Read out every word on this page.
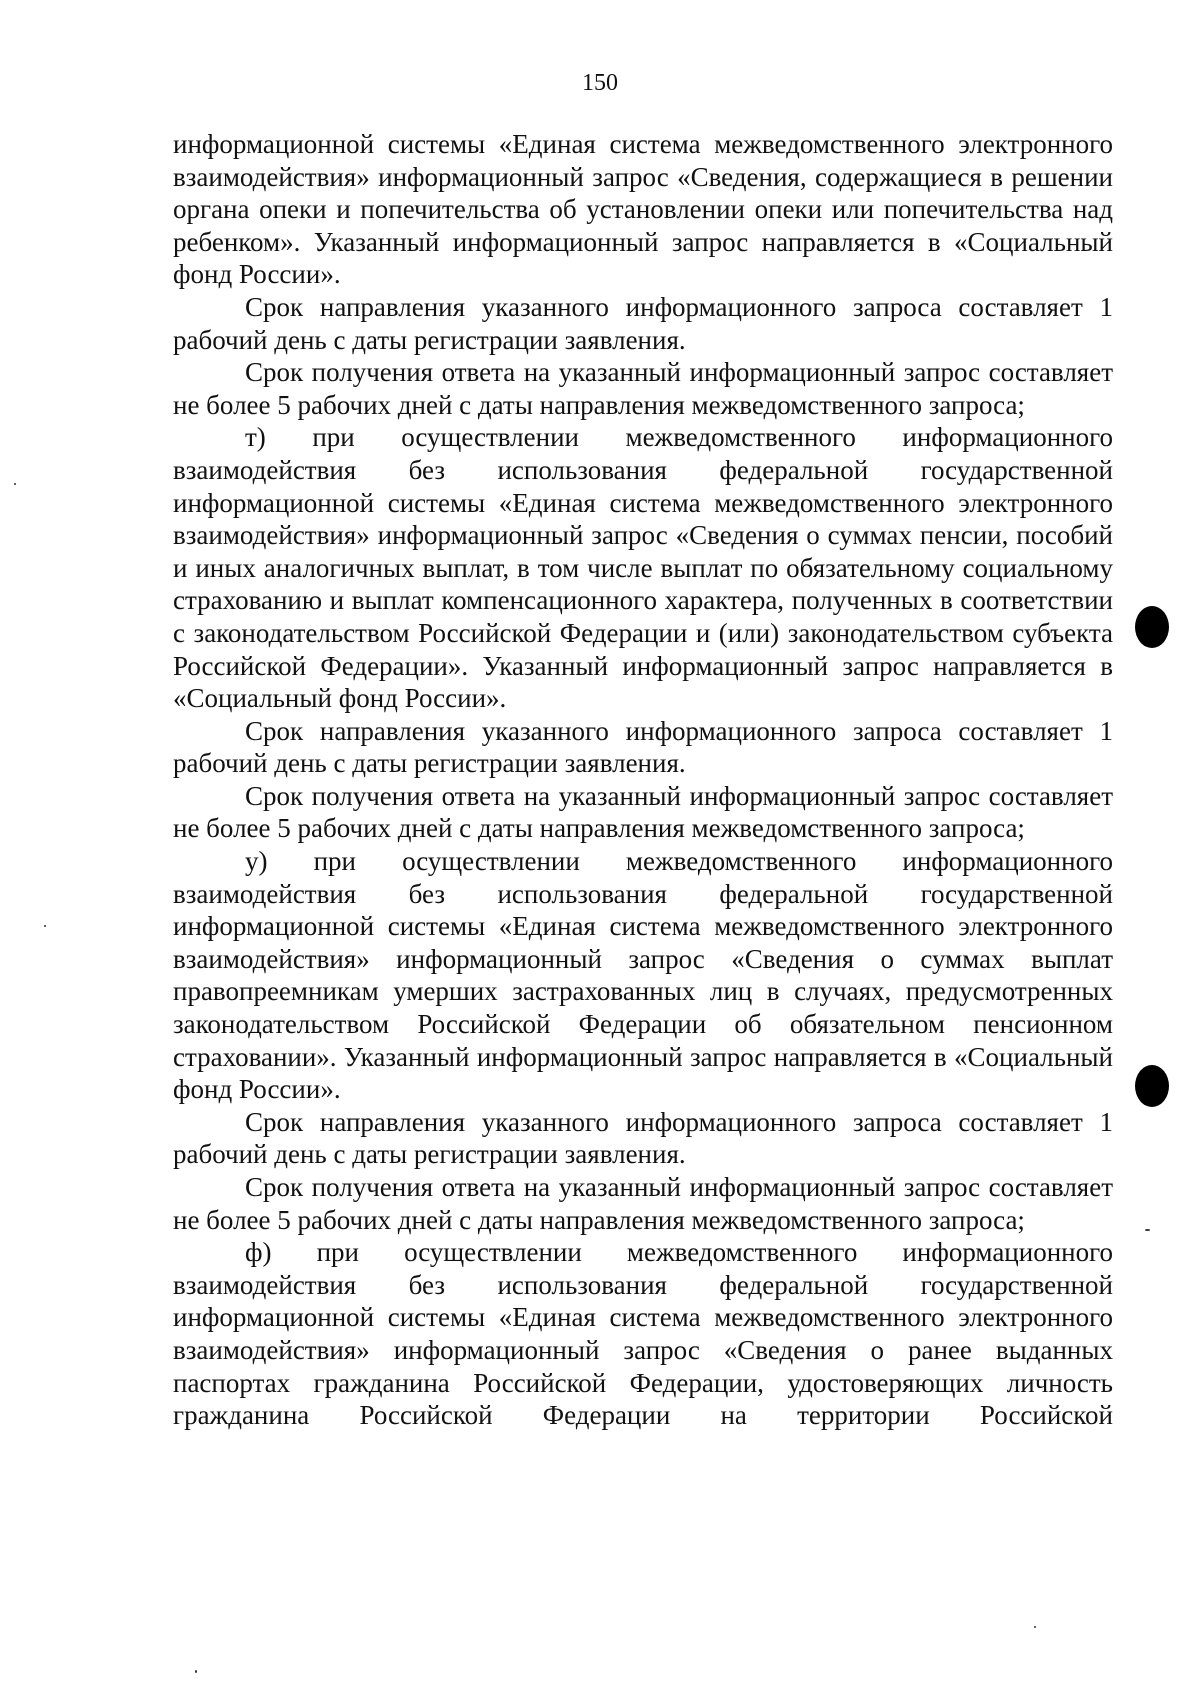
150

информационной системы «Единая система межведомственного электронного взаимодействия» информационный запрос «Сведения, содержащиеся в решении органа опеки и попечительства об установлении опеки или попечительства над ребенком». Указанный информационный запрос направляется в «Социальный фонд России».

Срок направления указанного информационного запроса составляет 1 рабочий день с даты регистрации заявления.

Срок получения ответа на указанный информационный запрос составляет не более 5 рабочих дней с даты направления межведомственного запроса;

т) при осуществлении межведомственного информационного взаимодействия без использования федеральной государственной информационной системы «Единая система межведомственного электронного взаимодействия» информационный запрос «Сведения о суммах пенсии, пособий и иных аналогичных выплат, в том числе выплат по обязательному социальному страхованию и выплат компенсационного характера, полученных в соответствии с законодательством Российской Федерации и (или) законодательством субъекта Российской Федерации». Указанный информационный запрос направляется в «Социальный фонд России».

Срок направления указанного информационного запроса составляет 1 рабочий день с даты регистрации заявления.

Срок получения ответа на указанный информационный запрос составляет не более 5 рабочих дней с даты направления межведомственного запроса;

у) при осуществлении межведомственного информационного взаимодействия без использования федеральной государственной информационной системы «Единая система межведомственного электронного взаимодействия» информационный запрос «Сведения о суммах выплат правопреемникам умерших застрахованных лиц в случаях, предусмотренных законодательством Российской Федерации об обязательном пенсионном страховании». Указанный информационный запрос направляется в «Социальный фонд России».

Срок направления указанного информационного запроса составляет 1 рабочий день с даты регистрации заявления.

Срок получения ответа на указанный информационный запрос составляет не более 5 рабочих дней с даты направления межведомственного запроса;

ф) при осуществлении межведомственного информационного взаимодействия без использования федеральной государственной информационной системы «Единая система межведомственного электронного взаимодействия» информационный запрос «Сведения о ранее выданных паспортах гражданина Российской Федерации, удостоверяющих личность гражданина Российской Федерации на территории Российской
